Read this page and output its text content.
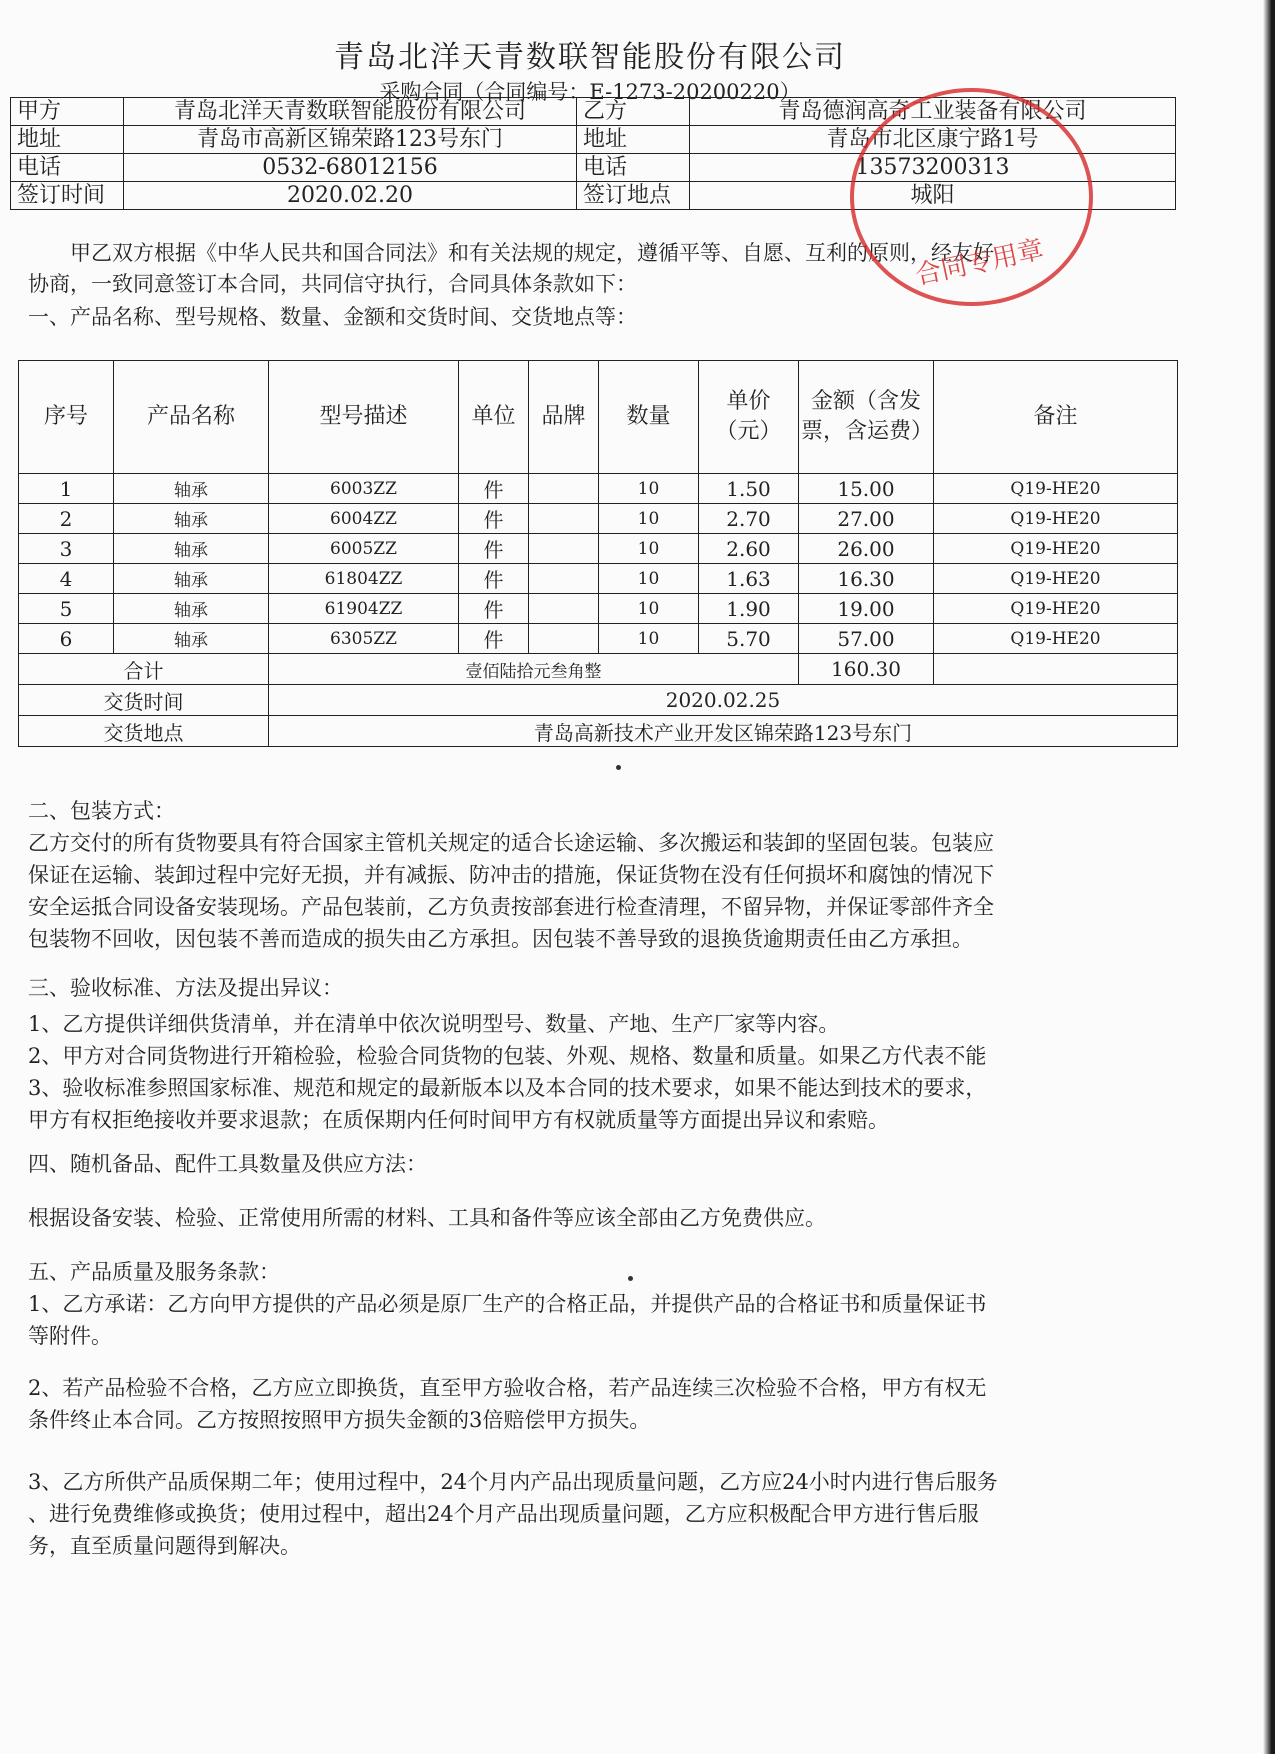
青岛北洋天青数联智能股份有限公司
采购合同（合同编号：E-1273-20200220）
甲方	青岛北洋天青数联智能股份有限公司	乙方	青岛德润高奇工业装备有限公司
地址	青岛市高新区锦荣路123号东门	地址	青岛市北区康宁路1号
电话	0532-68012156	电话	13573200313
签订时间	2020.02.20	签订地点	城阳

甲乙双方根据《中华人民共和国合同法》和有关法规的规定，遵循平等、自愿、互利的原则，经友好

协商，一致同意签订本合同，共同信守执行，合同具体条款如下：

一、产品名称、型号规格、数量、金额和交货时间、交货地点等：

序号	产品名称	型号描述	单位	品牌	数量	单价（元）	金额（含发票，含运费）	备注
1	轴承	6003ZZ	件		10	1.50	15.00	Q19-HE20
2	轴承	6004ZZ	件		10	2.70	27.00	Q19-HE20
3	轴承	6005ZZ	件		10	2.60	26.00	Q19-HE20
4	轴承	61804ZZ	件		10	1.63	16.30	Q19-HE20
5	轴承	61904ZZ	件		10	1.90	19.00	Q19-HE20
6	轴承	6305ZZ	件		10	5.70	57.00	Q19-HE20
合计		壹佰陆拾元叁角整					160.30	
交货时间		2020.02.25						
交货地点		青岛高新技术产业开发区锦荣路123号东门						

二、包装方式：

乙方交付的所有货物要具有符合国家主管机关规定的适合长途运输、多次搬运和装卸的坚固包装。包装应

保证在运输、装卸过程中完好无损，并有减振、防冲击的措施，保证货物在没有任何损坏和腐蚀的情况下

安全运抵合同设备安装现场。产品包装前，乙方负责按部套进行检查清理，不留异物，并保证零部件齐全

包装物不回收，因包装不善而造成的损失由乙方承担。因包装不善导致的退换货逾期责任由乙方承担。

三、验收标准、方法及提出异议：

1、乙方提供详细供货清单，并在清单中依次说明型号、数量、产地、生产厂家等内容。

2、甲方对合同货物进行开箱检验，检验合同货物的包装、外观、规格、数量和质量。如果乙方代表不能

3、验收标准参照国家标准、规范和规定的最新版本以及本合同的技术要求，如果不能达到技术的要求，

甲方有权拒绝接收并要求退款；在质保期内任何时间甲方有权就质量等方面提出异议和索赔。

四、随机备品、配件工具数量及供应方法：

根据设备安装、检验、正常使用所需的材料、工具和备件等应该全部由乙方免费供应。

五、产品质量及服务条款：

1、乙方承诺：乙方向甲方提供的产品必须是原厂生产的合格正品，并提供产品的合格证书和质量保证书

等附件。

2、若产品检验不合格，乙方应立即换货，直至甲方验收合格，若产品连续三次检验不合格，甲方有权无

条件终止本合同。乙方按照按照甲方损失金额的3倍赔偿甲方损失。

3、乙方所供产品质保期二年；使用过程中，24个月内产品出现质量问题，乙方应24小时内进行售后服务

、进行免费维修或换货；使用过程中，超出24个月产品出现质量问题，乙方应积极配合甲方进行售后服

务，直至质量问题得到解决。

合同专用章
